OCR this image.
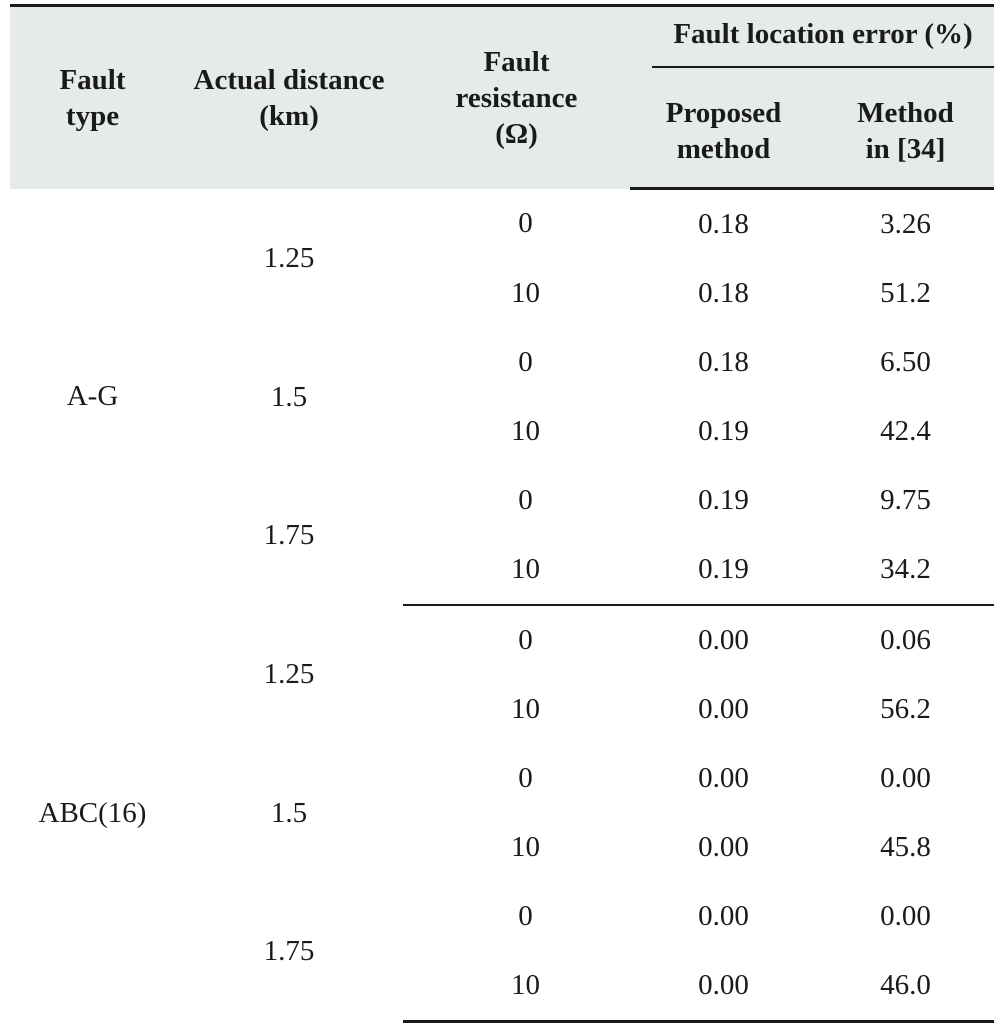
Fault type	Actual distance (km)	Fault resistance (Ω)	Fault location error (%)	

			Proposed method	Method in [34]
A-G	1.25	0	0.18	3.26
		10	0.18	51.2
	1.5	0	0.18	6.50
		10	0.19	42.4
	1.75	0	0.19	9.75
		10	0.19	34.2
ABC(16)	1.25	0	0.00	0.06
		10	0.00	56.2
	1.5	0	0.00	0.00
		10	0.00	45.8
	1.75	0	0.00	0.00
		10	0.00	46.0
